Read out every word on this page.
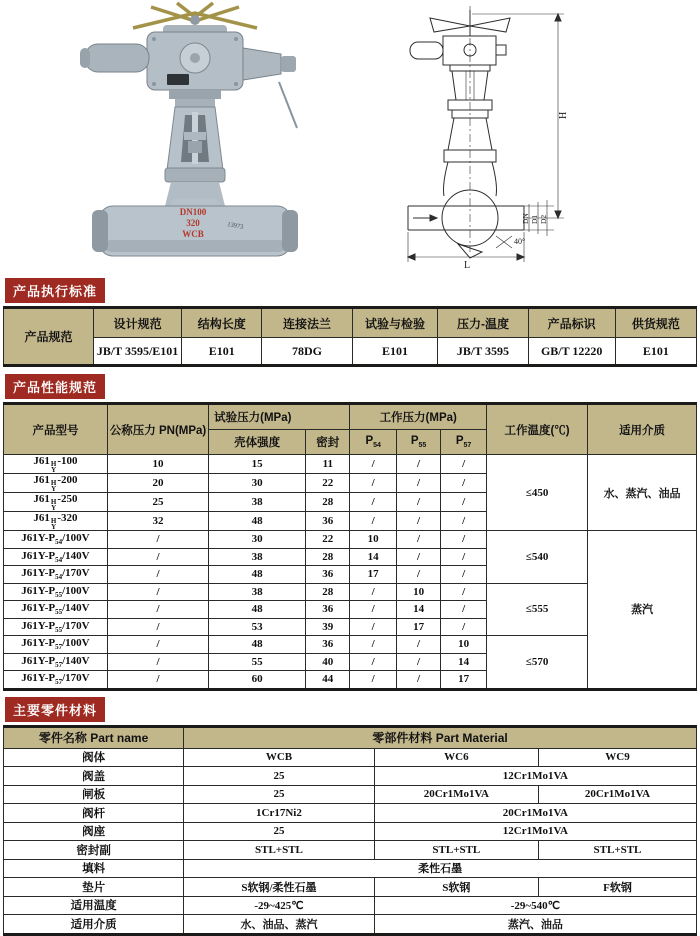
DN100
320
WCB
13973
H
L
DN D1 D2
40°
产品执行标准
产品规范	设计规范	结构长度	连接法兰	试验与检验	压力-温度	产品标识	供货规范
	JB/T 3595/E101	E101	78DG	E101	JB/T 3595	GB/T 12220	E101
产品性能规范
产品型号	公称压力 PN(MPa)	试验压力(MPa)		工作压力(MPa)			工作温度(℃)	适用介质
		壳体强度	密封	$P_{54}$	$P_{55}$	$P_{57}$
J61 H
Y
-100	10	15	11	/	/	/	≤450	水、蒸汽、油品
J61 H
Y
-200	20	30	22	/	/	/		
J61 H
Y
-250	25	38	28	/	/	/		
J61 H
Y
-320	32	48	36	/	/	/		
$J61Y-P_{54}/100V$	/	30	22	10	/	/	≤540	蒸汽
$J61Y-P_{54}/140V$	/	38	28	14	/	/		
$J61Y-P_{54}/170V$	/	48	36	17	/	/		
$J61Y-P_{55}/100V$	/	38	28	/	10	/	≤555	
$J61Y-P_{55}/140V$	/	48	36	/	14	/		
$J61Y-P_{55}/170V$	/	53	39	/	17	/		
$J61Y-P_{57}/100V$	/	48	36	/	/	10	≤570	
$J61Y-P_{57}/140V$	/	55	40	/	/	14		
$J61Y-P_{57}/170V$	/	60	44	/	/	17		
主要零件材料
零件名称 Part name	零部件材料 Part Material		
阀体	WCB	WC6	WC9
阀盖	25	12Cr1Mo1VA	
闸板	25	20Cr1Mo1VA	20Cr1Mo1VA
阀杆	1Cr17Ni2	20Cr1Mo1VA	
阀座	25	12Cr1Mo1VA	
密封副	STL+STL	STL+STL	STL+STL
填料	柔性石墨		
垫片	S软钢/柔性石墨	S软钢	F软钢
适用温度	-29~425℃	-29~540℃	
适用介质	水、油品、蒸汽	蒸汽、油品	
